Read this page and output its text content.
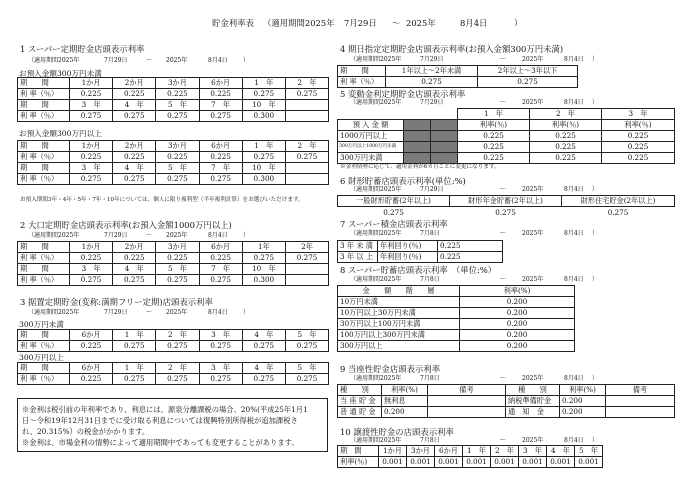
貯金利率表

（適用期間2025年

7月29日

～

2025年

	8月4日

	）

1 スーパー定期貯金店頭表示利率
（適用期間2025年	7月29日	～ 2025年	8月4日	）
お預入金額300万円未満
期　　間	1か月	2か月	3か月	6か月	1　年	2　年
利 率（％）	0.225	0.225	0.225	0.225	0.275	0.275
期　　間	3　年	4　年	5　年	7　年	10　年	
利 率（％）	0.275	0.275	0.275	0.275	0.300	
お預入金額300万円以上
期　　間	1か月	2か月	3か月	6か月	1　年	2　年
利 率（％）	0.225	0.225	0.225	0.225	0.275	0.275
期　　間	3　年	4　年	5　年	7　年	10　年	
利 率（％）	0.275	0.275	0.275	0.275	0.300	
お預入期間3年・4年・5年・7年・10年については、個人に限り複利型（半年複利計算）をお選びいただけます。
2 大口定期貯金店頭表示利率(お預入金額1000万円以上)
（適用期間2025年	7月29日	～ 2025年	8月4日	）
期　　間	1か月	2か月	3か月	6か月	1年	2年
利 率（％）	0.225	0.225	0.225	0.225	0.275	0.275
期　　間	3　年	4　年	5　年	7　年	10　年	
利 率（％）	0.275	0.275	0.275	0.275	0.300	
3 据置定期貯金(変称:満期フリー定期)店頭表示利率
（適用期間2025年	7月29日	～ 2025年	8月4日	）
300万円未満
期　　間	6か月	1　年	2　年	3　年	4　年	5　年
利 率（％）	0.225	0.275	0.275	0.275	0.275	0.275
300万円以上
期　　間	6か月	1　年	2　年	3　年	4　年	5　年
利 率（％）	0.225	0.275	0.275	0.275	0.275	0.275
※金利は税引前の年利率であり、利息には、源泉分離課税の場合、20%(平成25年1月1
日～令和19年12月31日までに受け取る利息については復興特別所得税が追加課税さ
れ、20.315%）の税金がかかります。
※金利は、市場金利の情勢によって適用期間中であっても変更することがあります。
4 期日指定定期貯金店頭表示利率(お預入金額300万円未満)
（適用期間2025年	7月29日	～	2025年	8月4日 ）
期　　間	1年以上～2年未満	2年以上～3年以下
利 率（％）	0.275	0.275
5 変動金利定期貯金店頭表示利率
（適用期間2025年	7月29日	～	2025年	8月4日 ）
			1　年	2　年	3　年
預 入 金 額			利率(％)	利率(％)	利率(％)
1000万円以上			0.225	0.225	0.225
300万円以上1000万円未満			0.225	0.225	0.225
300万円未満			0.225	0.225	0.225
※金利情勢に応じて、適用金利が6カ月ごとに変更になります。
6 財形貯蓄店頭表示利率(単位:%)
（適用期間2025年	7月29日	～	2025年	8月4日 ）
一般財形貯蓄(2年以上)	財形年金貯蓄(2年以上)	財形住宅貯金(2年以上)
0.275	0.275	0.275
7 スーパー積金店頭表示利率
（適用期間2025年	7月8日	～	2025年	8月4日 ）
3 年 未 満	年利回り(％)	0.225
3 年 以 上	年利回り(％)	0.225
8 スーパー貯蓄店頭表示利率　（単位:%）
（適用期間2025年	7月8日	～	2025年	8月4日 ）
金　　額　　階　　層	利率(%)
10万円未満	0.200
10万円以上30万円未満	0.200
30万円以上100万円未満	0.200
100万円以上300万円未満	0.200
300万円以上	0.200
9 当座性貯金店頭表示利率
（適用期間2025年	7月8日	～	2025年	8月4日 ）
種　　別	利率(%)	備考	種　　別	利率(%)	備考
当 座 貯 金	無利息		納税準備貯金	0.200	
普 通 貯 金	0.200		通　知　金	0.200	
10 譲渡性貯金の店頭表示利率
（適用期間2025年	7月8日	～	2025年	8月4日 ）
期　間	1か月	3か月	6か月	1　年	2　年	3　年	4　年	5　年
利率(％)	0.001	0.001	0.001	0.001	0.001	0.001	0.001	0.001
